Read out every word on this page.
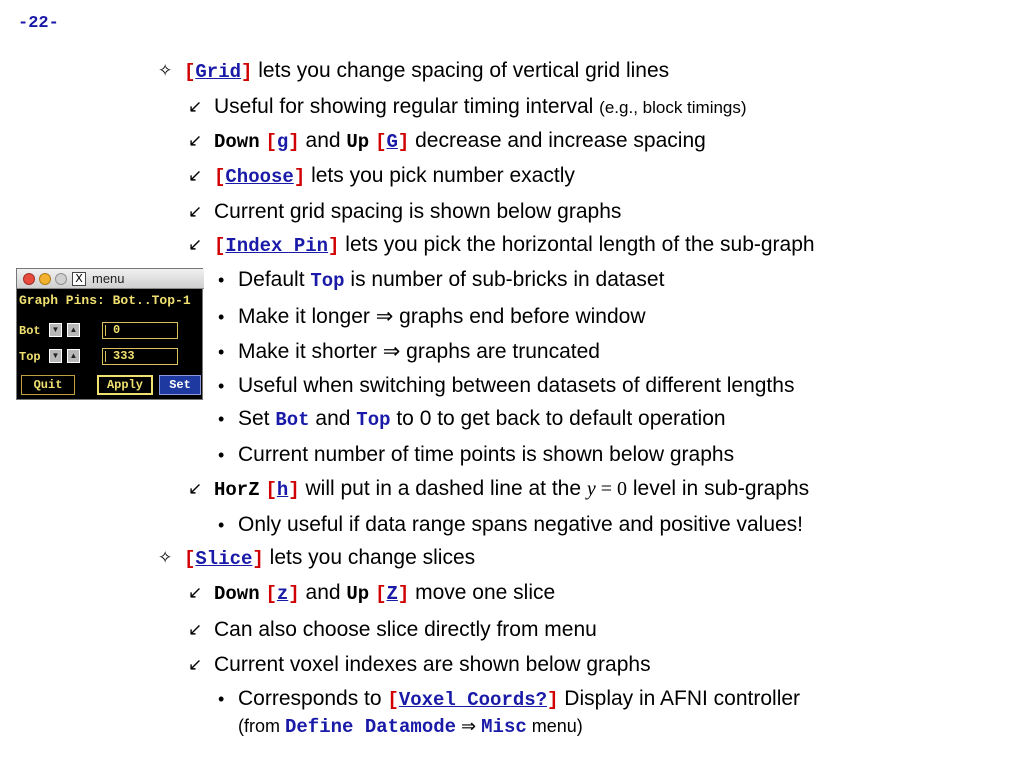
-22-
✧ [Grid] lets you change spacing of vertical grid lines
↙ Useful for showing regular timing interval (e.g., block timings)
↙ Down [g] and Up [G] decrease and increase spacing
↙ [Choose] lets you pick number exactly
↙ Current grid spacing is shown below graphs
↙ [Index Pin] lets you pick the horizontal length of the sub-graph
• Default Top is number of sub-bricks in dataset
• Make it longer ⇒ graphs end before window
• Make it shorter ⇒ graphs are truncated
• Useful when switching between datasets of different lengths
• Set Bot and Top to 0 to get back to default operation
• Current number of time points is shown below graphs
↙ HorZ [h] will put in a dashed line at the y = 0 level in sub-graphs
• Only useful if data range spans negative and positive values!
✧ [Slice] lets you change slices
↙ Down [z] and Up [Z] move one slice
↙ Can also choose slice directly from menu
↙ Current voxel indexes are shown below graphs
• Corresponds to [Voxel Coords?] Display in AFNI controller
(from Define Datamode ⇒ Misc menu)
X menu
Graph Pins: Bot..Top-1
Bot	▼	▲	0
Top	▼	▲	333
Quit	Apply	Set
